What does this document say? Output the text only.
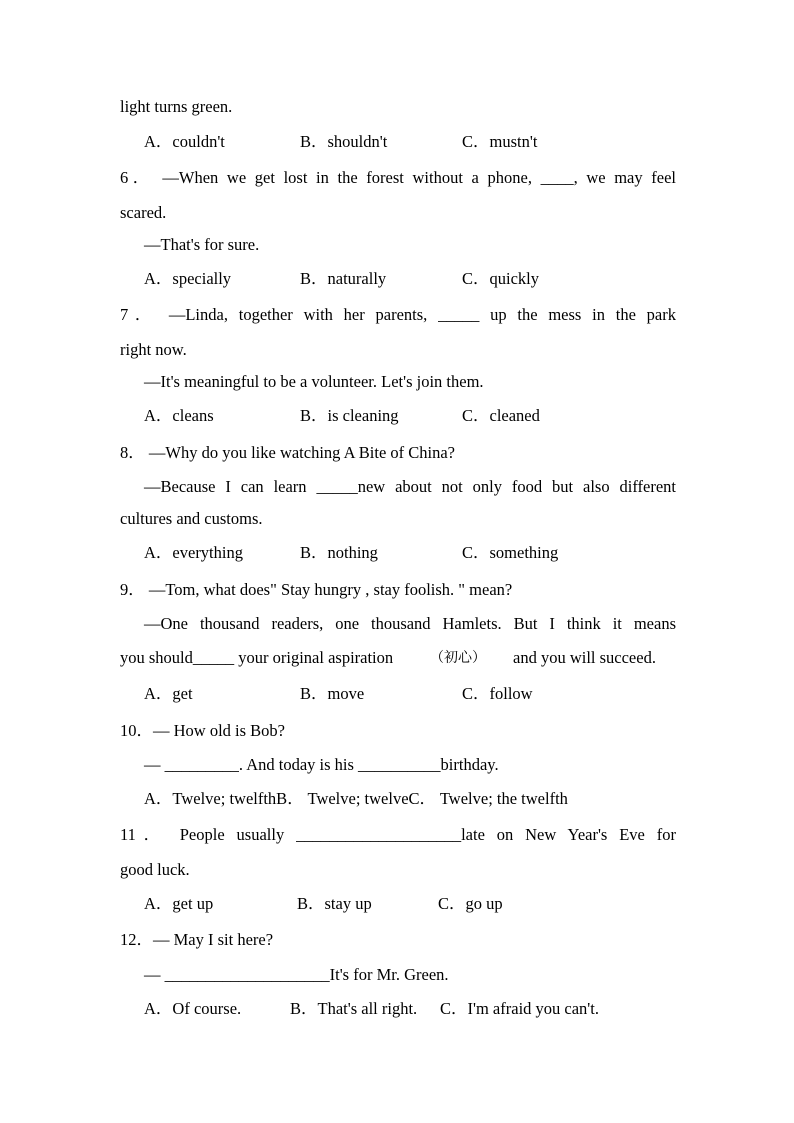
light turns green.
A．couldn't	B．shouldn't	C．mustn't
6． —When we get lost in the forest without a phone, ____, we may feel
scared.
—That's for sure.
A．specially	B．naturally	C．quickly
7． —Linda, together with her parents, _____ up the mess in the park
right now.
—It's meaningful to be a volunteer. Let's join them.
A．cleans	B．is cleaning	C．cleaned
8． —Why do you like watching A Bite of China?
—Because I can learn _____new about not only food but also different
cultures and customs.
A．everything	B．nothing	C．something
9． —Tom, what does" Stay hungry , stay foolish. " mean?
—One thousand readers, one thousand Hamlets. But I think it means
you should_____ your original aspiration	（初心） and you will succeed.
A．get	B．move	C．follow
10．— How old is Bob?
— _________. And today is his __________birthday.
A．Twelve; twelfthB． Twelve; twelveC． Twelve; the twelfth
11． People usually ____________________late on New Year's Eve for
good luck.
A．get up	B．stay up	C．go up
12．— May I sit here?
— ____________________It's for Mr. Green.
A．Of course.	B．That's all right. C．I'm afraid you can't.
